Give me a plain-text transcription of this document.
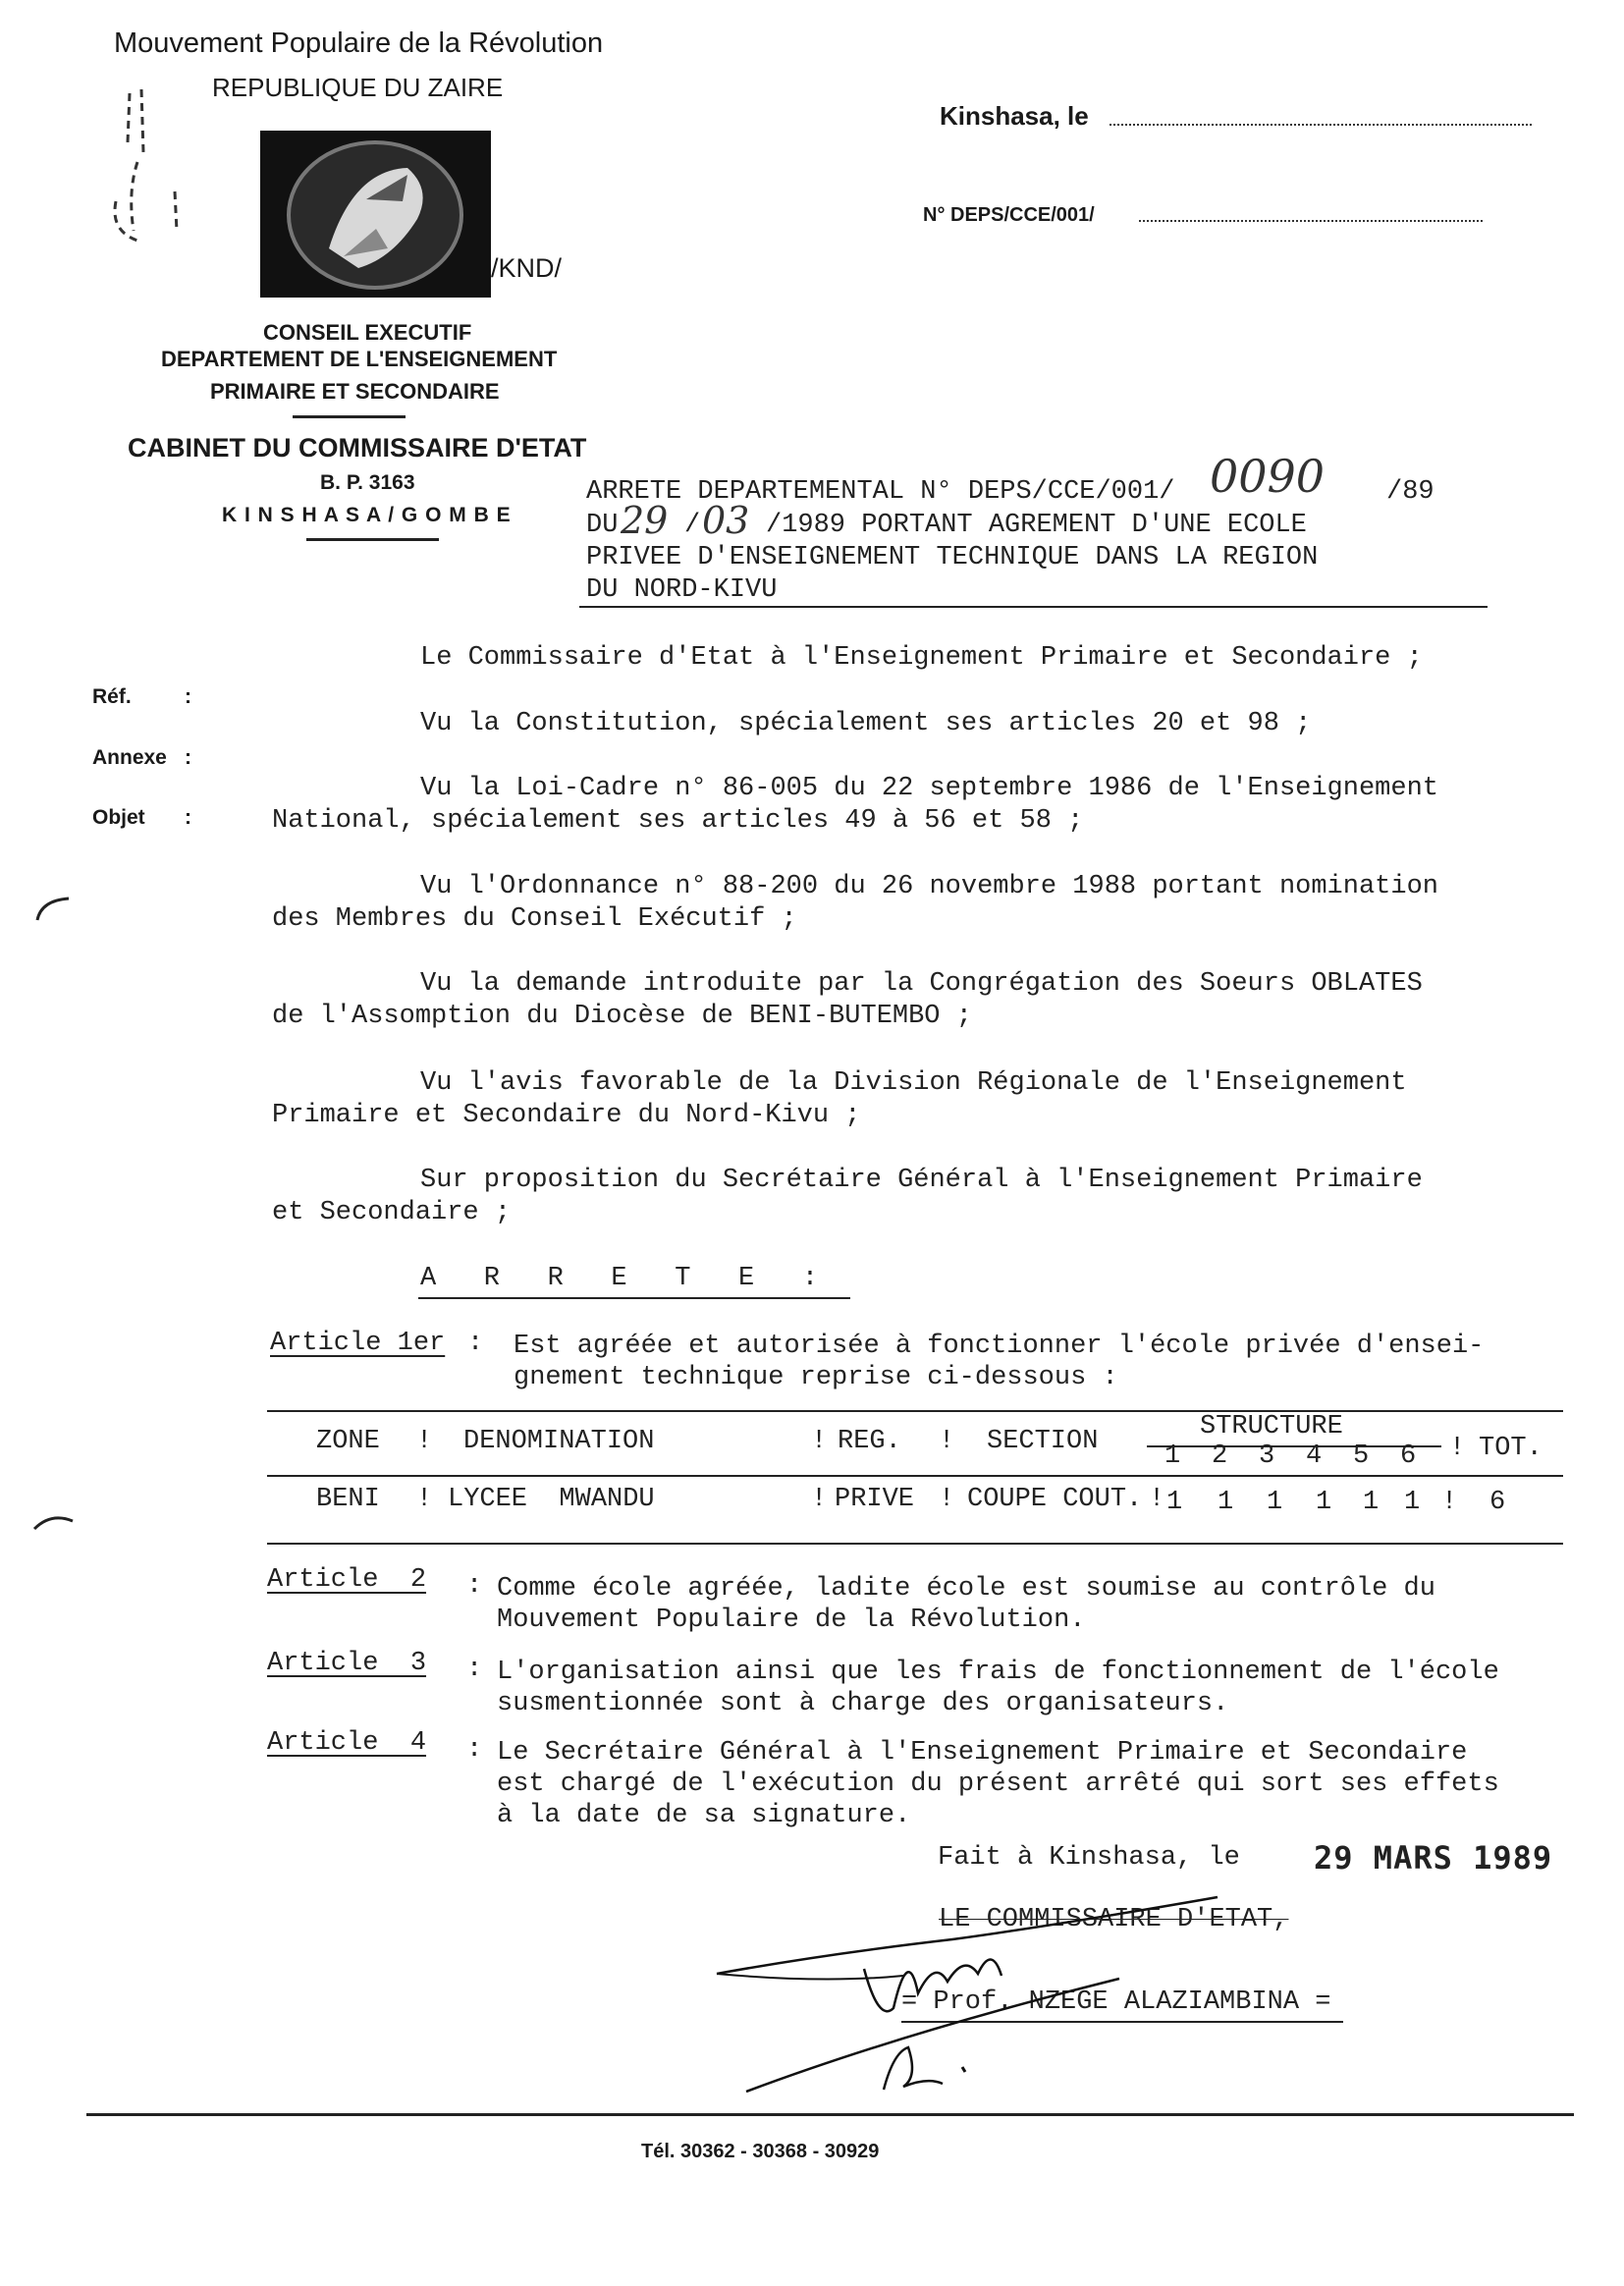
Mouvement Populaire de la Révolution
REPUBLIQUE DU ZAIRE
/KND/
CONSEIL EXECUTIF
DEPARTEMENT DE L'ENSEIGNEMENT
PRIMAIRE ET SECONDAIRE
CABINET DU COMMISSAIRE D'ETAT
B. P. 3163
K I N S H A S A / G O M B E
Kinshasa, le
N° DEPS/CCE/001/
Réf.	:
Annexe :
Objet :
ARRETE DEPARTEMENTAL N° DEPS/CCE/001/ 0090 /89
DU 29 / 03 /1989 PORTANT AGREMENT D'UNE ECOLE
PRIVEE D'ENSEIGNEMENT TECHNIQUE DANS LA REGION
DU NORD-KIVU
Le Commissaire d'Etat à l'Enseignement Primaire et Secondaire ;
Vu la Constitution, spécialement ses articles 20 et 98 ;
Vu la Loi-Cadre n° 86-005 du 22 septembre 1986 de l'Enseignement
National, spécialement ses articles 49 à 56 et 58 ;
Vu l'Ordonnance n° 88-200 du 26 novembre 1988 portant nomination
des Membres du Conseil Exécutif ;
Vu la demande introduite par la Congrégation des Soeurs OBLATES
de l'Assomption du Diocèse de BENI-BUTEMBO ;
Vu l'avis favorable de la Division Régionale de l'Enseignement
Primaire et Secondaire du Nord-Kivu ;
Sur proposition du Secrétaire Général à l'Enseignement Primaire
et Secondaire ;
A   R   R   E   T   E   :
Article 1er : Est agréée et autorisée à fonctionner l'école privée d'ensei-
gnement technique reprise ci-dessous :
ZONE ! DENOMINATION	! REG. ! SECTION	STRUCTURE
1 2 3 4 5 6 ! TOT.
BENI ! LYCEE  MWANDU	! PRIVE ! COUPE COUT. ! 1 1 1 1 1 1 ! 6
Article  2 : Comme école agréée, ladite école est soumise au contrôle du
Mouvement Populaire de la Révolution.
Article  3 : L'organisation ainsi que les frais de fonctionnement de l'école
susmentionnée sont à charge des organisateurs.
Article  4 : Le Secrétaire Général à l'Enseignement Primaire et Secondaire
est chargé de l'exécution du présent arrêté qui sort ses effets
à la date de sa signature.
Fait à Kinshasa, le 29 MARS 1989
LE COMMISSAIRE D'ETAT,
= Prof. NZEGE ALAZIAMBINA =
Tél. 30362 - 30368 - 30929
